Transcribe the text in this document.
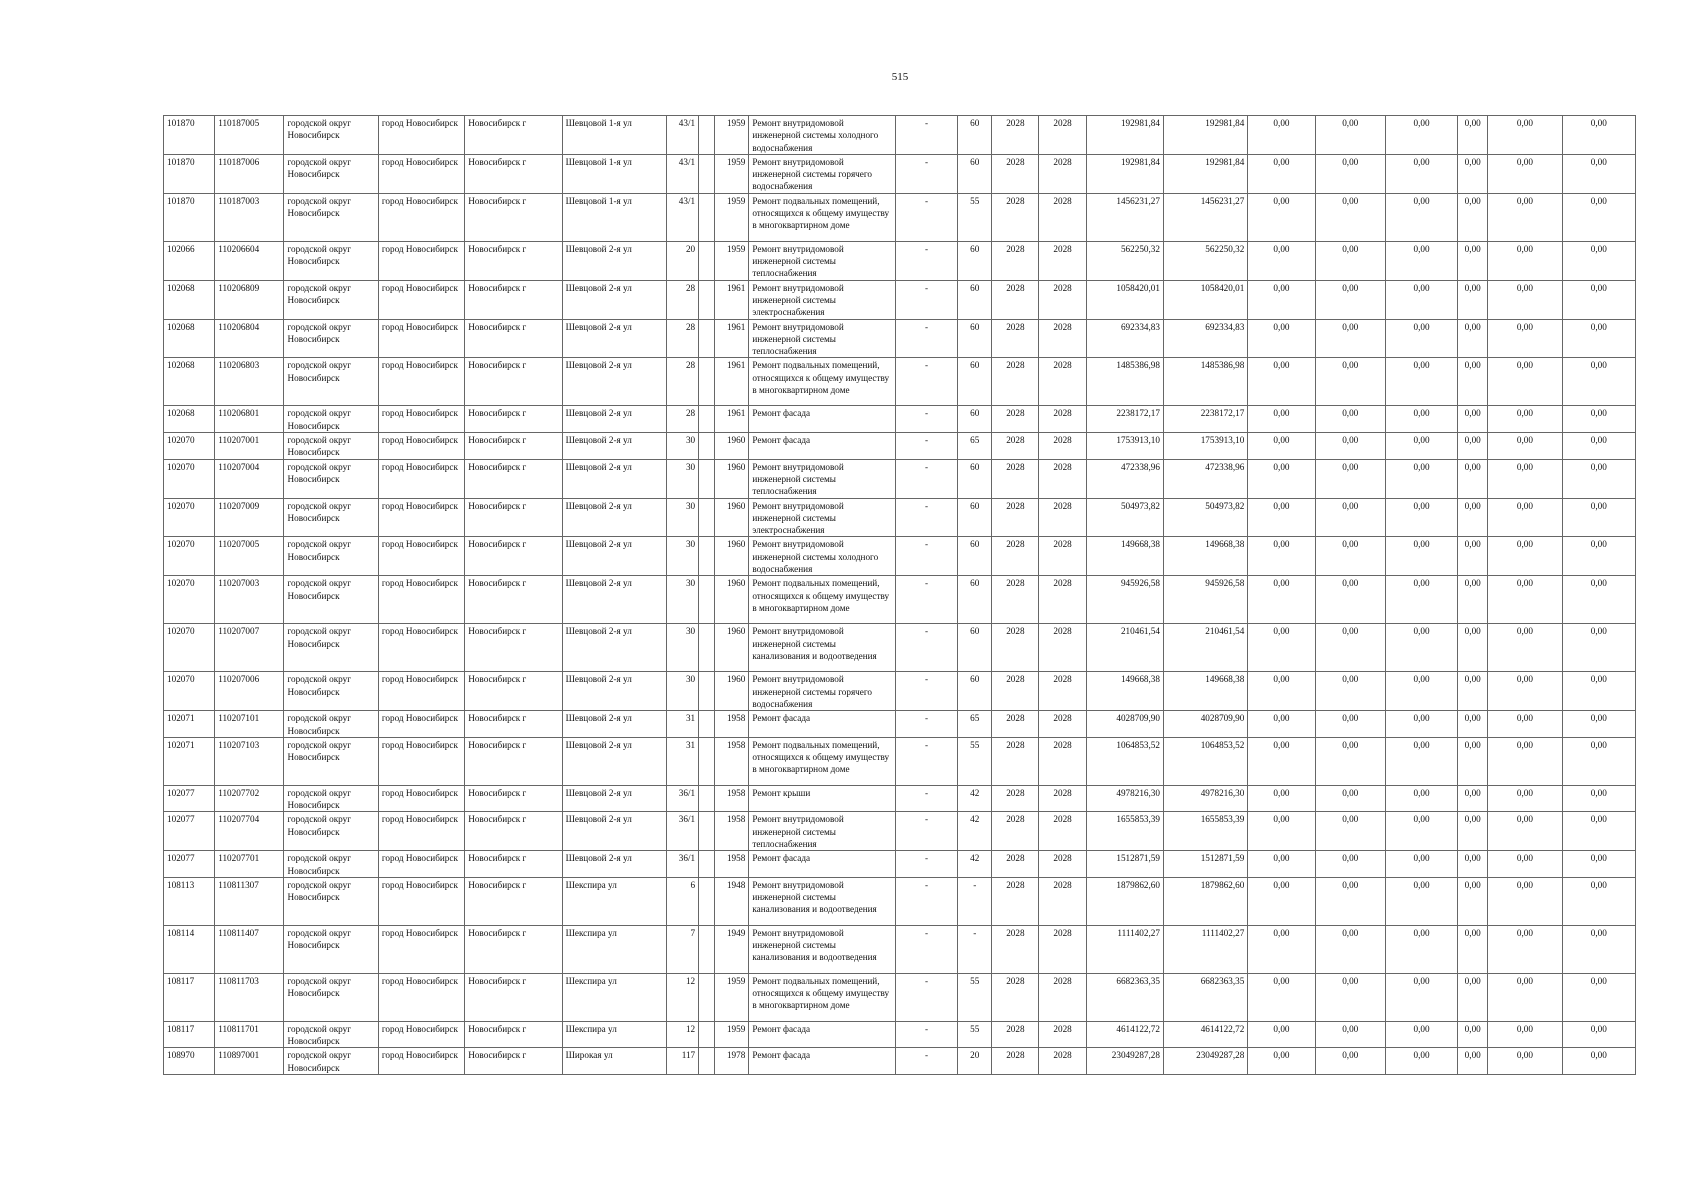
515
101870	110187005	городской округ Новосибирск	город Новосибирск	Новосибирск г	Шевцовой 1-я ул	43/1		1959	Ремонт внутридомовой инженерной системы холодного водоснабжения	-	60	2028	2028	192981,84	192981,84	0,00	0,00	0,00	0,00	0,00	0,00
101870	110187006	городской округ Новосибирск	город Новосибирск	Новосибирск г	Шевцовой 1-я ул	43/1		1959	Ремонт внутридомовой инженерной системы горячего водоснабжения	-	60	2028	2028	192981,84	192981,84	0,00	0,00	0,00	0,00	0,00	0,00
101870	110187003	городской округ Новосибирск	город Новосибирск	Новосибирск г	Шевцовой 1-я ул	43/1		1959	Ремонт подвальных помещений, относящихся к общему имуществу в многоквартирном доме	-	55	2028	2028	1456231,27	1456231,27	0,00	0,00	0,00	0,00	0,00	0,00
102066	110206604	городской округ Новосибирск	город Новосибирск	Новосибирск г	Шевцовой 2-я ул	20		1959	Ремонт внутридомовой инженерной системы теплоснабжения	-	60	2028	2028	562250,32	562250,32	0,00	0,00	0,00	0,00	0,00	0,00
102068	110206809	городской округ Новосибирск	город Новосибирск	Новосибирск г	Шевцовой 2-я ул	28		1961	Ремонт внутридомовой инженерной системы электроснабжения	-	60	2028	2028	1058420,01	1058420,01	0,00	0,00	0,00	0,00	0,00	0,00
102068	110206804	городской округ Новосибирск	город Новосибирск	Новосибирск г	Шевцовой 2-я ул	28		1961	Ремонт внутридомовой инженерной системы теплоснабжения	-	60	2028	2028	692334,83	692334,83	0,00	0,00	0,00	0,00	0,00	0,00
102068	110206803	городской округ Новосибирск	город Новосибирск	Новосибирск г	Шевцовой 2-я ул	28		1961	Ремонт подвальных помещений, относящихся к общему имуществу в многоквартирном доме	-	60	2028	2028	1485386,98	1485386,98	0,00	0,00	0,00	0,00	0,00	0,00
102068	110206801	городской округ Новосибирск	город Новосибирск	Новосибирск г	Шевцовой 2-я ул	28		1961	Ремонт фасада	-	60	2028	2028	2238172,17	2238172,17	0,00	0,00	0,00	0,00	0,00	0,00
102070	110207001	городской округ Новосибирск	город Новосибирск	Новосибирск г	Шевцовой 2-я ул	30		1960	Ремонт фасада	-	65	2028	2028	1753913,10	1753913,10	0,00	0,00	0,00	0,00	0,00	0,00
102070	110207004	городской округ Новосибирск	город Новосибирск	Новосибирск г	Шевцовой 2-я ул	30		1960	Ремонт внутридомовой инженерной системы теплоснабжения	-	60	2028	2028	472338,96	472338,96	0,00	0,00	0,00	0,00	0,00	0,00
102070	110207009	городской округ Новосибирск	город Новосибирск	Новосибирск г	Шевцовой 2-я ул	30		1960	Ремонт внутридомовой инженерной системы электроснабжения	-	60	2028	2028	504973,82	504973,82	0,00	0,00	0,00	0,00	0,00	0,00
102070	110207005	городской округ Новосибирск	город Новосибирск	Новосибирск г	Шевцовой 2-я ул	30		1960	Ремонт внутридомовой инженерной системы холодного водоснабжения	-	60	2028	2028	149668,38	149668,38	0,00	0,00	0,00	0,00	0,00	0,00
102070	110207003	городской округ Новосибирск	город Новосибирск	Новосибирск г	Шевцовой 2-я ул	30		1960	Ремонт подвальных помещений, относящихся к общему имуществу в многоквартирном доме	-	60	2028	2028	945926,58	945926,58	0,00	0,00	0,00	0,00	0,00	0,00
102070	110207007	городской округ Новосибирск	город Новосибирск	Новосибирск г	Шевцовой 2-я ул	30		1960	Ремонт внутридомовой инженерной системы канализования и водоотведения	-	60	2028	2028	210461,54	210461,54	0,00	0,00	0,00	0,00	0,00	0,00
102070	110207006	городской округ Новосибирск	город Новосибирск	Новосибирск г	Шевцовой 2-я ул	30		1960	Ремонт внутридомовой инженерной системы горячего водоснабжения	-	60	2028	2028	149668,38	149668,38	0,00	0,00	0,00	0,00	0,00	0,00
102071	110207101	городской округ Новосибирск	город Новосибирск	Новосибирск г	Шевцовой 2-я ул	31		1958	Ремонт фасада	-	65	2028	2028	4028709,90	4028709,90	0,00	0,00	0,00	0,00	0,00	0,00
102071	110207103	городской округ Новосибирск	город Новосибирск	Новосибирск г	Шевцовой 2-я ул	31		1958	Ремонт подвальных помещений, относящихся к общему имуществу в многоквартирном доме	-	55	2028	2028	1064853,52	1064853,52	0,00	0,00	0,00	0,00	0,00	0,00
102077	110207702	городской округ Новосибирск	город Новосибирск	Новосибирск г	Шевцовой 2-я ул	36/1		1958	Ремонт крыши	-	42	2028	2028	4978216,30	4978216,30	0,00	0,00	0,00	0,00	0,00	0,00
102077	110207704	городской округ Новосибирск	город Новосибирск	Новосибирск г	Шевцовой 2-я ул	36/1		1958	Ремонт внутридомовой инженерной системы теплоснабжения	-	42	2028	2028	1655853,39	1655853,39	0,00	0,00	0,00	0,00	0,00	0,00
102077	110207701	городской округ Новосибирск	город Новосибирск	Новосибирск г	Шевцовой 2-я ул	36/1		1958	Ремонт фасада	-	42	2028	2028	1512871,59	1512871,59	0,00	0,00	0,00	0,00	0,00	0,00
108113	110811307	городской округ Новосибирск	город Новосибирск	Новосибирск г	Шекспира ул	6		1948	Ремонт внутридомовой инженерной системы канализования и водоотведения	-	-	2028	2028	1879862,60	1879862,60	0,00	0,00	0,00	0,00	0,00	0,00
108114	110811407	городской округ Новосибирск	город Новосибирск	Новосибирск г	Шекспира ул	7		1949	Ремонт внутридомовой инженерной системы канализования и водоотведения	-	-	2028	2028	1111402,27	1111402,27	0,00	0,00	0,00	0,00	0,00	0,00
108117	110811703	городской округ Новосибирск	город Новосибирск	Новосибирск г	Шекспира ул	12		1959	Ремонт подвальных помещений, относящихся к общему имуществу в многоквартирном доме	-	55	2028	2028	6682363,35	6682363,35	0,00	0,00	0,00	0,00	0,00	0,00
108117	110811701	городской округ Новосибирск	город Новосибирск	Новосибирск г	Шекспира ул	12		1959	Ремонт фасада	-	55	2028	2028	4614122,72	4614122,72	0,00	0,00	0,00	0,00	0,00	0,00
108970	110897001	городской округ Новосибирск	город Новосибирск	Новосибирск г	Широкая ул	117		1978	Ремонт фасада	-	20	2028	2028	23049287,28	23049287,28	0,00	0,00	0,00	0,00	0,00	0,00
